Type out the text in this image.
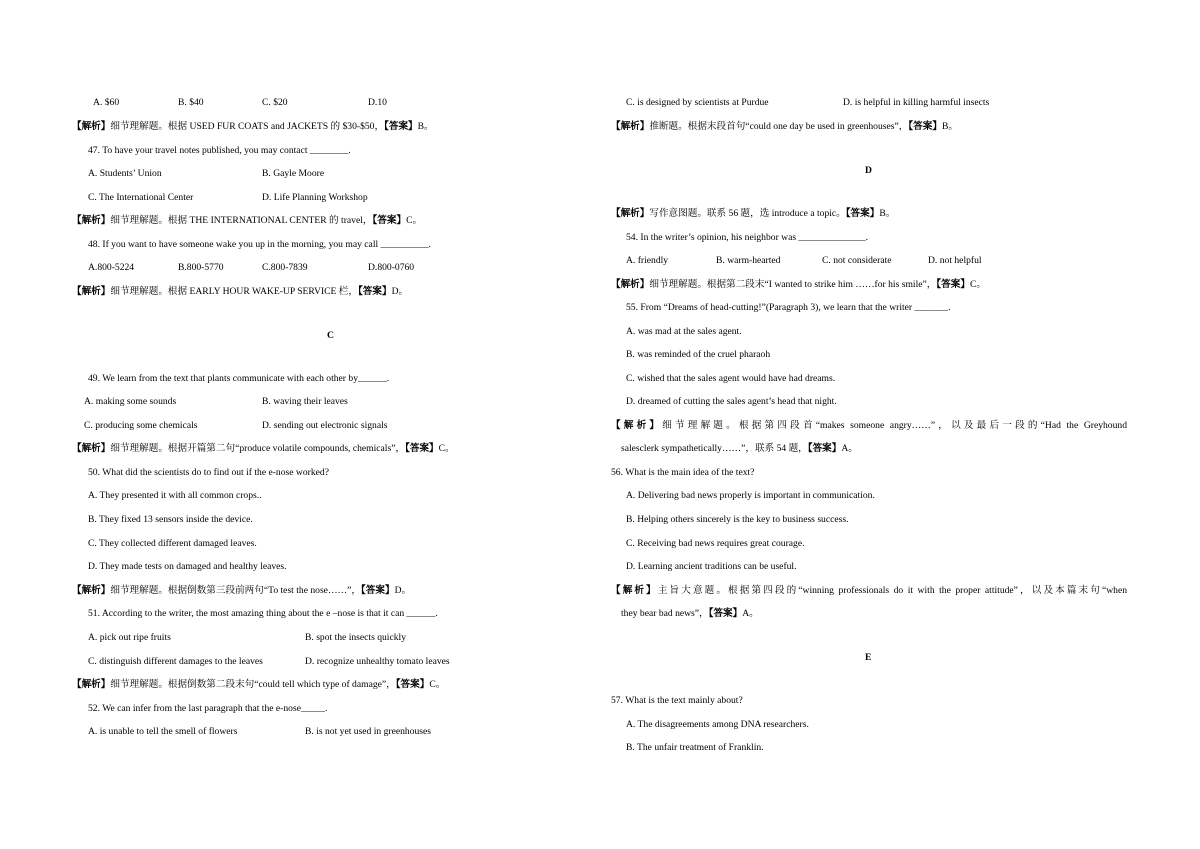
A. $60	B. $40	C. $20	D.10
【解析】细节理解题。根据 USED FUR COATS and JACKETS 的 $30-$50，【答案】B。
47. To have your travel notes published, you may contact ________.
A. Students’ Union	B. Gayle Moore
C. The International Center	D. Life Planning Workshop
【解析】细节理解题。根据 THE INTERNATIONAL CENTER 的 travel，【答案】C。
48. If you want to have someone wake you up in the morning, you may call __________.
A.800-5224	B.800-5770	C.800-7839	D.800-0760
【解析】细节理解题。根据 EARLY HOUR WAKE-UP SERVICE 栏，【答案】D。
C
49. We learn from the text that plants communicate with each other by______.
A. making some sounds	B. waving their leaves
C. producing some chemicals	D. sending out electronic signals
【解析】细节理解题。根据开篇第二句“produce volatile compounds, chemicals”，【答案】C。
50. What did the scientists do to find out if the e-nose worked?
A. They presented it with all common crops..
B. They fixed 13 sensors inside the device.
C. They collected different damaged leaves.
D. They made tests on damaged and healthy leaves.
【解析】细节理解题。根据倒数第三段前两句“To test the nose……”，【答案】D。
51. According to the writer, the most amazing thing about the e –nose is that it can ______.
A. pick out ripe fruits	B. spot the insects quickly
C. distinguish different damages to the leaves	D. recognize unhealthy tomato leaves
【解析】细节理解题。根据倒数第二段末句“could tell which type of damage”，【答案】C。
52. We can infer from the last paragraph that the e-nose_____.
A. is unable to tell the smell of flowers	B. is not yet used in greenhouses
C. is designed by scientists at Purdue	D. is helpful in killing harmful insects
【解析】推断题。根据末段首句“could one day be used in greenhouses”，【答案】B。
D
【解析】写作意图题。联系 56 题，选 introduce a topic。【答案】B。
54. In the writer’s opinion, his neighbor was ______________.
A. friendly	B. warm-hearted	C. not considerate	D. not helpful
【解析】细节理解题。根据第二段末“I wanted to strike him ……for his smile”，【答案】C。
55. From “Dreams of head-cutting!”(Paragraph 3), we learn that the writer _______.
A. was mad at the sales agent.
B. was reminded of the cruel pharaoh
C. wished that the sales agent would have had dreams.
D. dreamed of cutting the sales agent’s head that night.
【解析】细节理解题。根据第四段首“makes someone angry……”，以及最后一段的“Had the Greyhound
salesclerk sympathetically……”，联系 54 题，【答案】A。
56. What is the main idea of the text?
A. Delivering bad news properly is important in communication.
B. Helping others sincerely is the key to business success.
C. Receiving bad news requires great courage.
D. Learning ancient traditions can be useful.
【解析】主旨大意题。根据第四段的“winning professionals do it with the proper attitude”，以及本篇末句“when
they bear bad news”，【答案】A。
E
57. What is the text mainly about?
A. The disagreements among DNA researchers.
B. The unfair treatment of Franklin.
